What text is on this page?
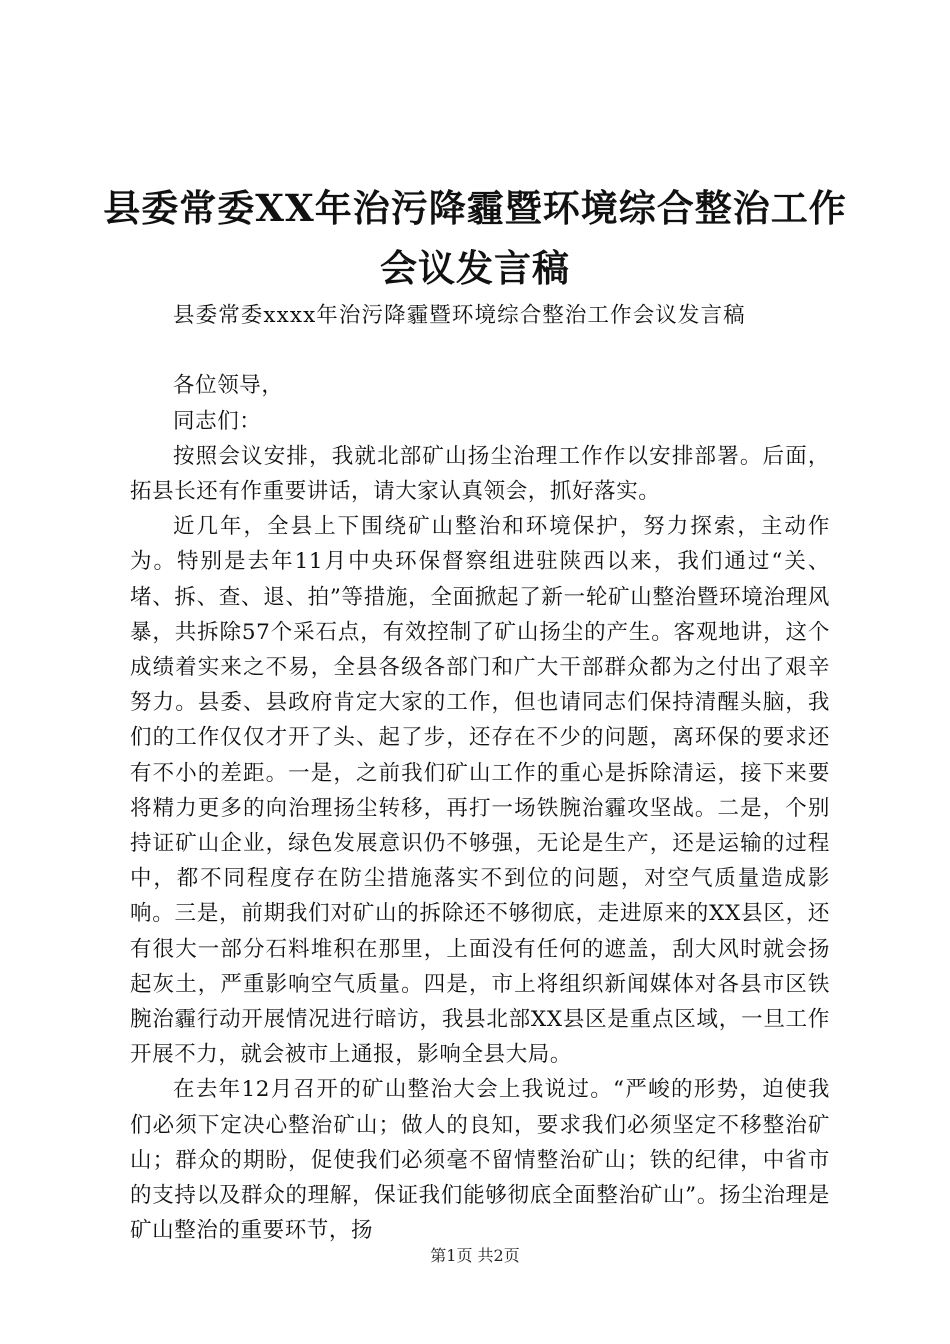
县委常委XX年治污降霾暨环境综合整治工作
会议发言稿

县委常委xxxx年治污降霾暨环境综合整治工作会议发言稿

各位领导，

同志们：

按照会议安排，我就北部矿山扬尘治理工作作以安排部署。后面，拓县长还有作重要讲话，请大家认真领会，抓好落实。

近几年，全县上下围绕矿山整治和环境保护，努力探索，主动作为。特别是去年11月中央环保督察组进驻陕西以来，我们通过“关、堵、拆、查、退、拍”等措施，全面掀起了新一轮矿山整治暨环境治理风暴，共拆除57个采石点，有效控制了矿山扬尘的产生。客观地讲，这个成绩着实来之不易，全县各级各部门和广大干部群众都为之付出了艰辛努力。县委、县政府肯定大家的工作，但也请同志们保持清醒头脑，我们的工作仅仅才开了头、起了步，还存在不少的问题，离环保的要求还有不小的差距。一是，之前我们矿山工作的重心是拆除清运，接下来要将精力更多的向治理扬尘转移，再打一场铁腕治霾攻坚战。二是，个别持证矿山企业，绿色发展意识仍不够强，无论是生产，还是运输的过程中，都不同程度存在防尘措施落实不到位的问题，对空气质量造成影响。三是，前期我们对矿山的拆除还不够彻底，走进原来的XX县区，还有很大一部分石料堆积在那里，上面没有任何的遮盖，刮大风时就会扬起灰土，严重影响空气质量。四是，市上将组织新闻媒体对各县市区铁腕治霾行动开展情况进行暗访，我县北部XX县区是重点区域，一旦工作开展不力，就会被市上通报，影响全县大局。

在去年12月召开的矿山整治大会上我说过。“严峻的形势，迫使我们必须下定决心整治矿山；做人的良知，要求我们必须坚定不移整治矿山；群众的期盼，促使我们必须毫不留情整治矿山；铁的纪律，中省市的支持以及群众的理解，保证我们能够彻底全面整治矿山”。扬尘治理是矿山整治的重要环节，扬

第1页 共2页
